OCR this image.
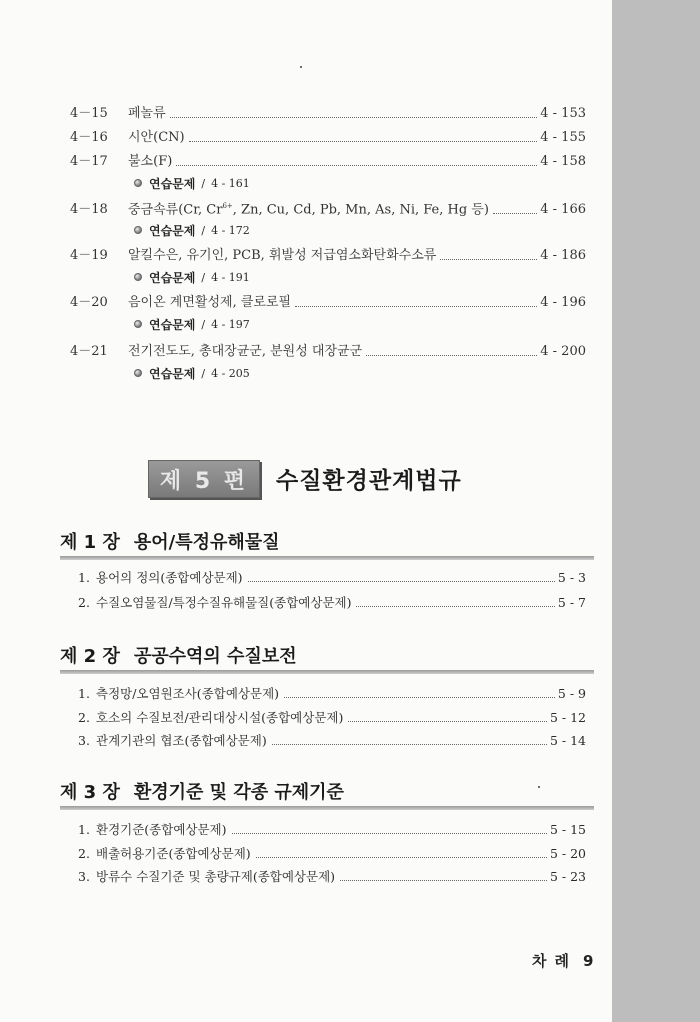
4－15	페놀류	4 - 153
4－16	시안(CN)	4 - 155
4－17	불소(F)	4 - 158
연습문제 / 4 - 161
4－18	중금속류(Cr, $Cr^{6+}$, Zn, Cu, Cd, Pb, Mn, As, Ni, Fe, Hg 등)	4 - 166
연습문제 / 4 - 172
4－19	알킬수은, 유기인, PCB, 휘발성 저급염소화탄화수소류	4 - 186
연습문제 / 4 - 191
4－20	음이온 계면활성제, 클로로필	4 - 196
연습문제 / 4 - 197
4－21	전기전도도, 총대장균군, 분원성 대장균군	4 - 200
연습문제 / 4 - 205
제 5 편 수질환경관계법규
제 1 장 용어/특정유해물질
1. 용어의 정의(종합예상문제)	5 - 3
2. 수질오염물질/특정수질유해물질(종합예상문제)	5 - 7
제 2 장 공공수역의 수질보전
1. 측정망/오염원조사(종합예상문제)	5 - 9
2. 호소의 수질보전/관리대상시설(종합예상문제)	5 - 12
3. 관계기관의 협조(종합예상문제)	5 - 14
제 3 장 환경기준 및 각종 규제기준
1. 환경기준(종합예상문제)	5 - 15
2. 배출허용기준(종합예상문제)	5 - 20
3. 방류수 수질기준 및 총량규제(종합예상문제)	5 - 23
차례 9
